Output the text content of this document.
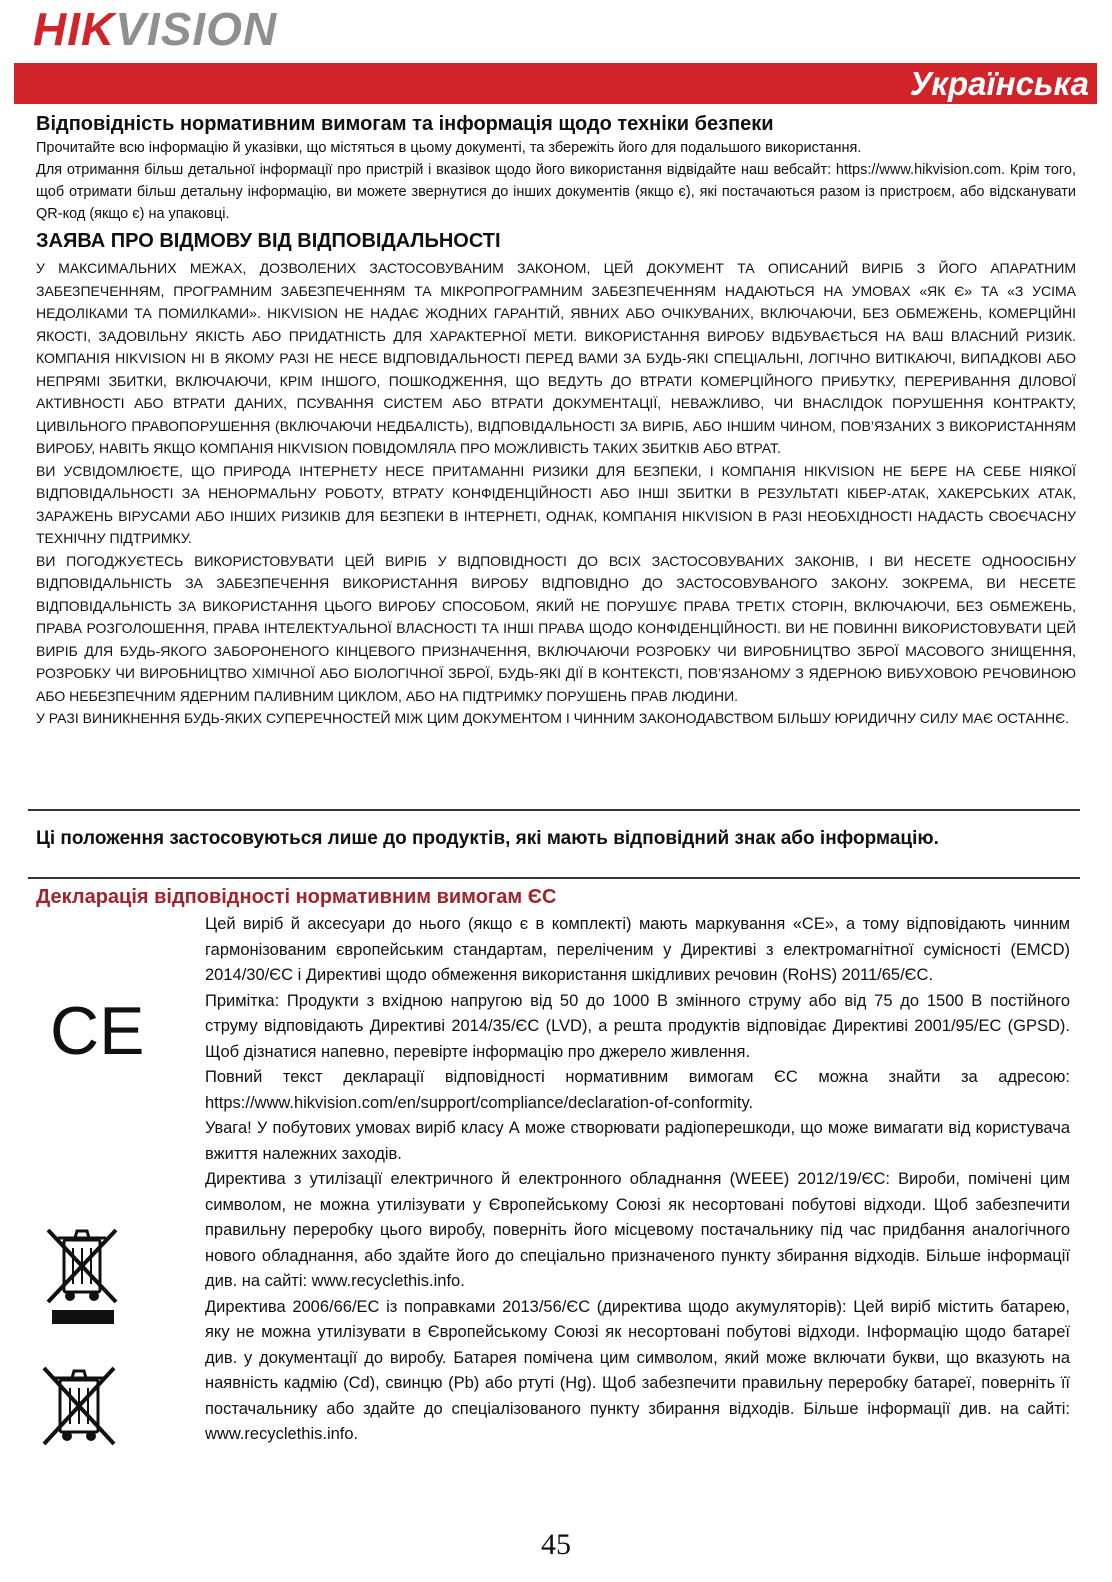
HIKVISION
Українська
Відповідність нормативним вимогам та інформація щодо техніки безпеки

Прочитайте всю інформацію й указівки, що містяться в цьому документі, та збережіть його для подальшого використання.

Для отримання більш детальної інформації про пристрій і вказівок щодо його використання відвідайте наш вебсайт: https://www.hikvision.com. Крім того, щоб отримати більш детальну інформацію, ви можете звернутися до інших документів (якщо є), які постачаються разом із пристроєм, або відсканувати QR-код (якщо є) на упаковці.

ЗАЯВА ПРО ВІДМОВУ ВІД ВІДПОВІДАЛЬНОСТІ

У МАКСИМАЛЬНИХ МЕЖАХ, ДОЗВОЛЕНИХ ЗАСТОСОВУВАНИМ ЗАКОНОМ, ЦЕЙ ДОКУМЕНТ ТА ОПИСАНИЙ ВИРІБ З ЙОГО АПАРАТНИМ ЗАБЕЗПЕЧЕННЯМ, ПРОГРАМНИМ ЗАБЕЗПЕЧЕННЯМ ТА МІКРОПРОГРАМНИМ ЗАБЕЗПЕЧЕННЯМ НАДАЮТЬСЯ НА УМОВАХ «ЯК Є» ТА «З УСІМА НЕДОЛІКАМИ ТА ПОМИЛКАМИ». HIKVISION НЕ НАДАЄ ЖОДНИХ ГАРАНТІЙ, ЯВНИХ АБО ОЧІКУВАНИХ, ВКЛЮЧАЮЧИ, БЕЗ ОБМЕЖЕНЬ, КОМЕРЦІЙНІ ЯКОСТІ, ЗАДОВІЛЬНУ ЯКІСТЬ АБО ПРИДАТНІСТЬ ДЛЯ ХАРАКТЕРНОЇ МЕТИ. ВИКОРИСТАННЯ ВИРОБУ ВІДБУВАЄТЬСЯ НА ВАШ ВЛАСНИЙ РИЗИК. КОМПАНІЯ HIKVISION НІ В ЯКОМУ РАЗІ НЕ НЕСЕ ВІДПОВІДАЛЬНОСТІ ПЕРЕД ВАМИ ЗА БУДЬ-ЯКІ СПЕЦІАЛЬНІ, ЛОГІЧНО ВИТІКАЮЧІ, ВИПАДКОВІ АБО НЕПРЯМІ ЗБИТКИ, ВКЛЮЧАЮЧИ, КРІМ ІНШОГО, ПОШКОДЖЕННЯ, ЩО ВЕДУТЬ ДО ВТРАТИ КОМЕРЦІЙНОГО ПРИБУТКУ, ПЕРЕРИВАННЯ ДІЛОВОЇ АКТИВНОСТІ АБО ВТРАТИ ДАНИХ, ПСУВАННЯ СИСТЕМ АБО ВТРАТИ ДОКУМЕНТАЦІЇ, НЕВАЖЛИВО, ЧИ ВНАСЛІДОК ПОРУШЕННЯ КОНТРАКТУ, ЦИВІЛЬНОГО ПРАВОПОРУШЕННЯ (ВКЛЮЧАЮЧИ НЕДБАЛІСТЬ), ВІДПОВІДАЛЬНОСТІ ЗА ВИРІБ, АБО ІНШИМ ЧИНОМ, ПОВ’ЯЗАНИХ З ВИКОРИСТАННЯМ ВИРОБУ, НАВІТЬ ЯКЩО КОМПАНІЯ HIKVISION ПОВІДОМЛЯЛА ПРО МОЖЛИВІСТЬ ТАКИХ ЗБИТКІВ АБО ВТРАТ.

ВИ УСВІДОМЛЮЄТЕ, ЩО ПРИРОДА ІНТЕРНЕТУ НЕСЕ ПРИТАМАННІ РИЗИКИ ДЛЯ БЕЗПЕКИ, І КОМПАНІЯ HIKVISION НЕ БЕРЕ НА СЕБЕ НІЯКОЇ ВІДПОВІДАЛЬНОСТІ ЗА НЕНОРМАЛЬНУ РОБОТУ, ВТРАТУ КОНФІДЕНЦІЙНОСТІ АБО ІНШІ ЗБИТКИ В РЕЗУЛЬТАТІ КІБЕР-АТАК, ХАКЕРСЬКИХ АТАК, ЗАРАЖЕНЬ ВІРУСАМИ АБО ІНШИХ РИЗИКІВ ДЛЯ БЕЗПЕКИ В ІНТЕРНЕТІ, ОДНАК, КОМПАНІЯ HIKVISION В РАЗІ НЕОБХІДНОСТІ НАДАСТЬ СВОЄЧАСНУ ТЕХНІЧНУ ПІДТРИМКУ.

ВИ ПОГОДЖУЄТЕСЬ ВИКОРИСТОВУВАТИ ЦЕЙ ВИРІБ У ВІДПОВІДНОСТІ ДО ВСІХ ЗАСТОСОВУВАНИХ ЗАКОНІВ, І ВИ НЕСЕТЕ ОДНООСІБНУ ВІДПОВІДАЛЬНІСТЬ ЗА ЗАБЕЗПЕЧЕННЯ ВИКОРИСТАННЯ ВИРОБУ ВІДПОВІДНО ДО ЗАСТОСОВУВАНОГО ЗАКОНУ. ЗОКРЕМА, ВИ НЕСЕТЕ ВІДПОВІДАЛЬНІСТЬ ЗА ВИКОРИСТАННЯ ЦЬОГО ВИРОБУ СПОСОБОМ, ЯКИЙ НЕ ПОРУШУЄ ПРАВА ТРЕТІХ СТОРІН, ВКЛЮЧАЮЧИ, БЕЗ ОБМЕЖЕНЬ, ПРАВА РОЗГОЛОШЕННЯ, ПРАВА ІНТЕЛЕКТУАЛЬНОЇ ВЛАСНОСТІ ТА ІНШІ ПРАВА ЩОДО КОНФІДЕНЦІЙНОСТІ. ВИ НЕ ПОВИННІ ВИКОРИСТОВУВАТИ ЦЕЙ ВИРІБ ДЛЯ БУДЬ-ЯКОГО ЗАБОРОНЕНОГО КІНЦЕВОГО ПРИЗНАЧЕННЯ, ВКЛЮЧАЮЧИ РОЗРОБКУ ЧИ ВИРОБНИЦТВО ЗБРОЇ МАСОВОГО ЗНИЩЕННЯ, РОЗРОБКУ ЧИ ВИРОБНИЦТВО ХІМІЧНОЇ АБО БІОЛОГІЧНОЇ ЗБРОЇ, БУДЬ-ЯКІ ДІЇ В КОНТЕКСТІ, ПОВ’ЯЗАНОМУ З ЯДЕРНОЮ ВИБУХОВОЮ РЕЧОВИНОЮ АБО НЕБЕЗПЕЧНИМ ЯДЕРНИМ ПАЛИВНИМ ЦИКЛОМ, АБО НА ПІДТРИМКУ ПОРУШЕНЬ ПРАВ ЛЮДИНИ.

У РАЗІ ВИНИКНЕННЯ БУДЬ-ЯКИХ СУПЕРЕЧНОСТЕЙ МІЖ ЦИМ ДОКУМЕНТОМ І ЧИННИМ ЗАКОНОДАВСТВОМ БІЛЬШУ ЮРИДИЧНУ СИЛУ МАЄ ОСТАННЄ.

Ці положення застосовуються лише до продуктів, які мають відповідний знак або інформацію.
Декларація відповідності нормативним вимогам ЄС
CE

Цей виріб й аксесуари до нього (якщо є в комплекті) мають маркування «CE», а тому відповідають чинним гармонізованим європейським стандартам, переліченим у Директиві з електромагнітної сумісності (EMCD) 2014/30/ЄС і Директиві щодо обмеження використання шкідливих речовин (RoHS) 2011/65/ЄС.

Примітка: Продукти з вхідною напругою від 50 до 1000 В змінного струму або від 75 до 1500 В постійного струму відповідають Директиві 2014/35/ЄС (LVD), а решта продуктів відповідає Директиві 2001/95/ЕС (GPSD). Щоб дізнатися напевно, перевірте інформацію про джерело живлення.

Повний текст декларації відповідності нормативним вимогам ЄС можна знайти за адресою: https://www.hikvision.com/en/support/compliance/declaration-of-conformity.

Увага! У побутових умовах виріб класу А може створювати радіоперешкоди, що може вимагати від користувача вжиття належних заходів.

Директива з утилізації електричного й електронного обладнання (WEEE) 2012/19/ЄС: Вироби, помічені цим символом, не можна утилізувати у Європейському Союзі як несортовані побутові відходи. Щоб забезпечити правильну переробку цього виробу, поверніть його місцевому постачальнику під час придбання аналогічного нового обладнання, або здайте його до спеціально призначеного пункту збирання відходів. Більше інформації див. на сайті: www.recyclethis.info.

Директива 2006/66/ЕС із поправками 2013/56/ЄС (директива щодо акумуляторів): Цей виріб містить батарею, яку не можна утилізувати в Європейському Союзі як несортовані побутові відходи. Інформацію щодо батареї див. у документації до виробу. Батарея помічена цим символом, який може включати букви, що вказують на наявність кадмію (Cd), свинцю (Pb) або ртуті (Hg). Щоб забезпечити правильну переробку батареї, поверніть її постачальнику або здайте до спеціалізованого пункту збирання відходів. Більше інформації див. на сайті: www.recyclethis.info.

45
